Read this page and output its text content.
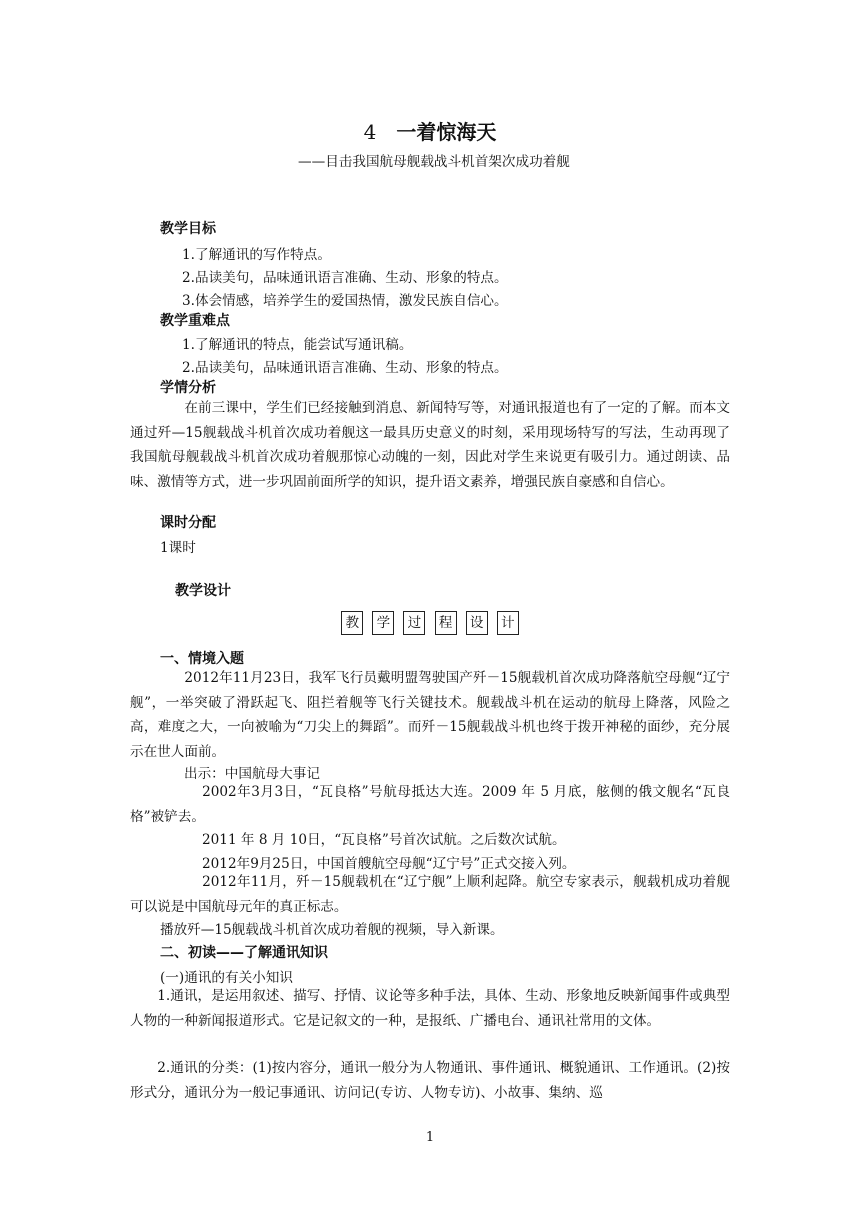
4 一着惊海天
——目击我国航母舰载战斗机首架次成功着舰
教学目标
1.了解通讯的写作特点。
2.品读美句，品味通讯语言准确、生动、形象的特点。
3.体会情感，培养学生的爱国热情，激发民族自信心。
教学重难点
1.了解通讯的特点，能尝试写通讯稿。
2.品读美句，品味通讯语言准确、生动、形象的特点。
学情分析
在前三课中，学生们已经接触到消息、新闻特写等，对通讯报道也有了一定的了解。而本文通过歼—15舰载战斗机首次成功着舰这一最具历史意义的时刻，采用现场特写的写法，生动再现了我国航母舰载战斗机首次成功着舰那惊心动魄的一刻，因此对学生来说更有吸引力。通过朗读、品味、激情等方式，进一步巩固前面所学的知识，提升语文素养，增强民族自豪感和自信心。
课时分配
1课时
教学设计
教 学 过 程 设 计
一、情境入题
2012年11月23日，我军飞行员戴明盟驾驶国产歼－15舰载机首次成功降落航空母舰“辽宁舰”，一举突破了滑跃起飞、阻拦着舰等飞行关键技术。舰载战斗机在运动的航母上降落，风险之高，难度之大，一向被喻为“刀尖上的舞蹈”。而歼－15舰载战斗机也终于拨开神秘的面纱，充分展示在世人面前。
出示：中国航母大事记
2002年3月3日，“瓦良格”号航母抵达大连。2009 年 5 月底，舷侧的俄文舰名“瓦良格”被铲去。
2011 年 8 月 10日，“瓦良格”号首次试航。之后数次试航。
2012年9月25日，中国首艘航空母舰“辽宁号”正式交接入列。
2012年11月，歼－15舰载机在“辽宁舰”上顺利起降。航空专家表示，舰载机成功着舰可以说是中国航母元年的真正标志。
播放歼—15舰载战斗机首次成功着舰的视频，导入新课。
二、初读——了解通讯知识
(一)通讯的有关小知识
1.通讯，是运用叙述、描写、抒情、议论等多种手法，具体、生动、形象地反映新闻事件或典型人物的一种新闻报道形式。它是记叙文的一种，是报纸、广播电台、通讯社常用的文体。
2.通讯的分类：(1)按内容分，通讯一般分为人物通讯、事件通讯、概貌通讯、工作通讯。(2)按形式分，通讯分为一般记事通讯、访问记(专访、人物专访)、小故事、集纳、巡
1
